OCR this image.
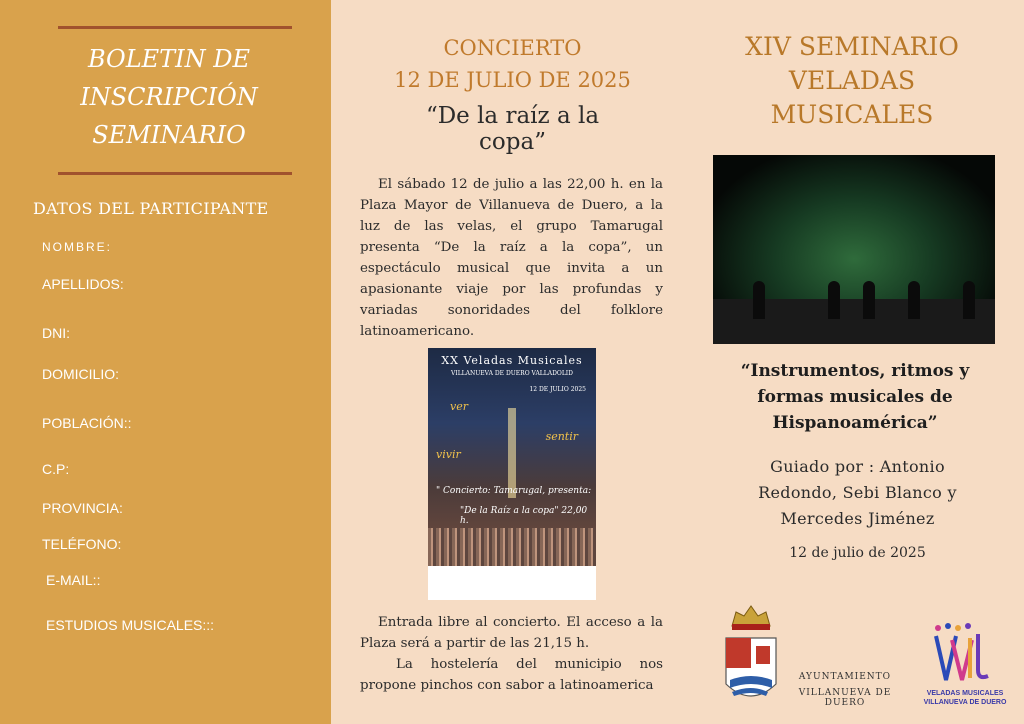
BOLETIN DE
INSCRIPCIÓN
SEMINARIO
DATOS DEL PARTICIPANTE
NOMBRE:
APELLIDOS:
DNI:
DOMICILIO:
POBLACIÓN::
C.P:
PROVINCIA:
TELÉFONO:
E-MAIL::
ESTUDIOS MUSICALES:::
CONCIERTO
12 DE JULIO DE 2025
“De la raíz a la
copa”
El sábado 12 de julio a las 22,00 h. en la Plaza Mayor de Villanueva de Duero, a la luz de las velas, el grupo Tamarugal presenta “De la raíz a la copa”, un espectáculo musical que invita a un apasionante viaje por las profundas y variadas sonoridades del folklore latinoamericano.
XX Veladas Musicales
VILLANUEVA DE DUERO VALLADOLID
12 DE JULIO 2025
ver
sentir
vivir
" Concierto: Tamarugal, presenta:
"De la Raíz a la copa" 22,00 h.
Entrada libre al concierto. El acceso a la Plaza será a partir de las 21,15 h.
La hostelería del municipio nos propone pinchos con sabor a latinoamerica
XIV SEMINARIO
VELADAS
MUSICALES
“Instrumentos, ritmos y
formas musicales de
Hispanoamérica”
Guiado por : Antonio
Redondo, Sebi Blanco y
Mercedes Jiménez
12 de julio de 2025
AYUNTAMIENTO
VILLANUEVA DE DUERO
VELADAS MUSICALES
VILLANUEVA DE DUERO
